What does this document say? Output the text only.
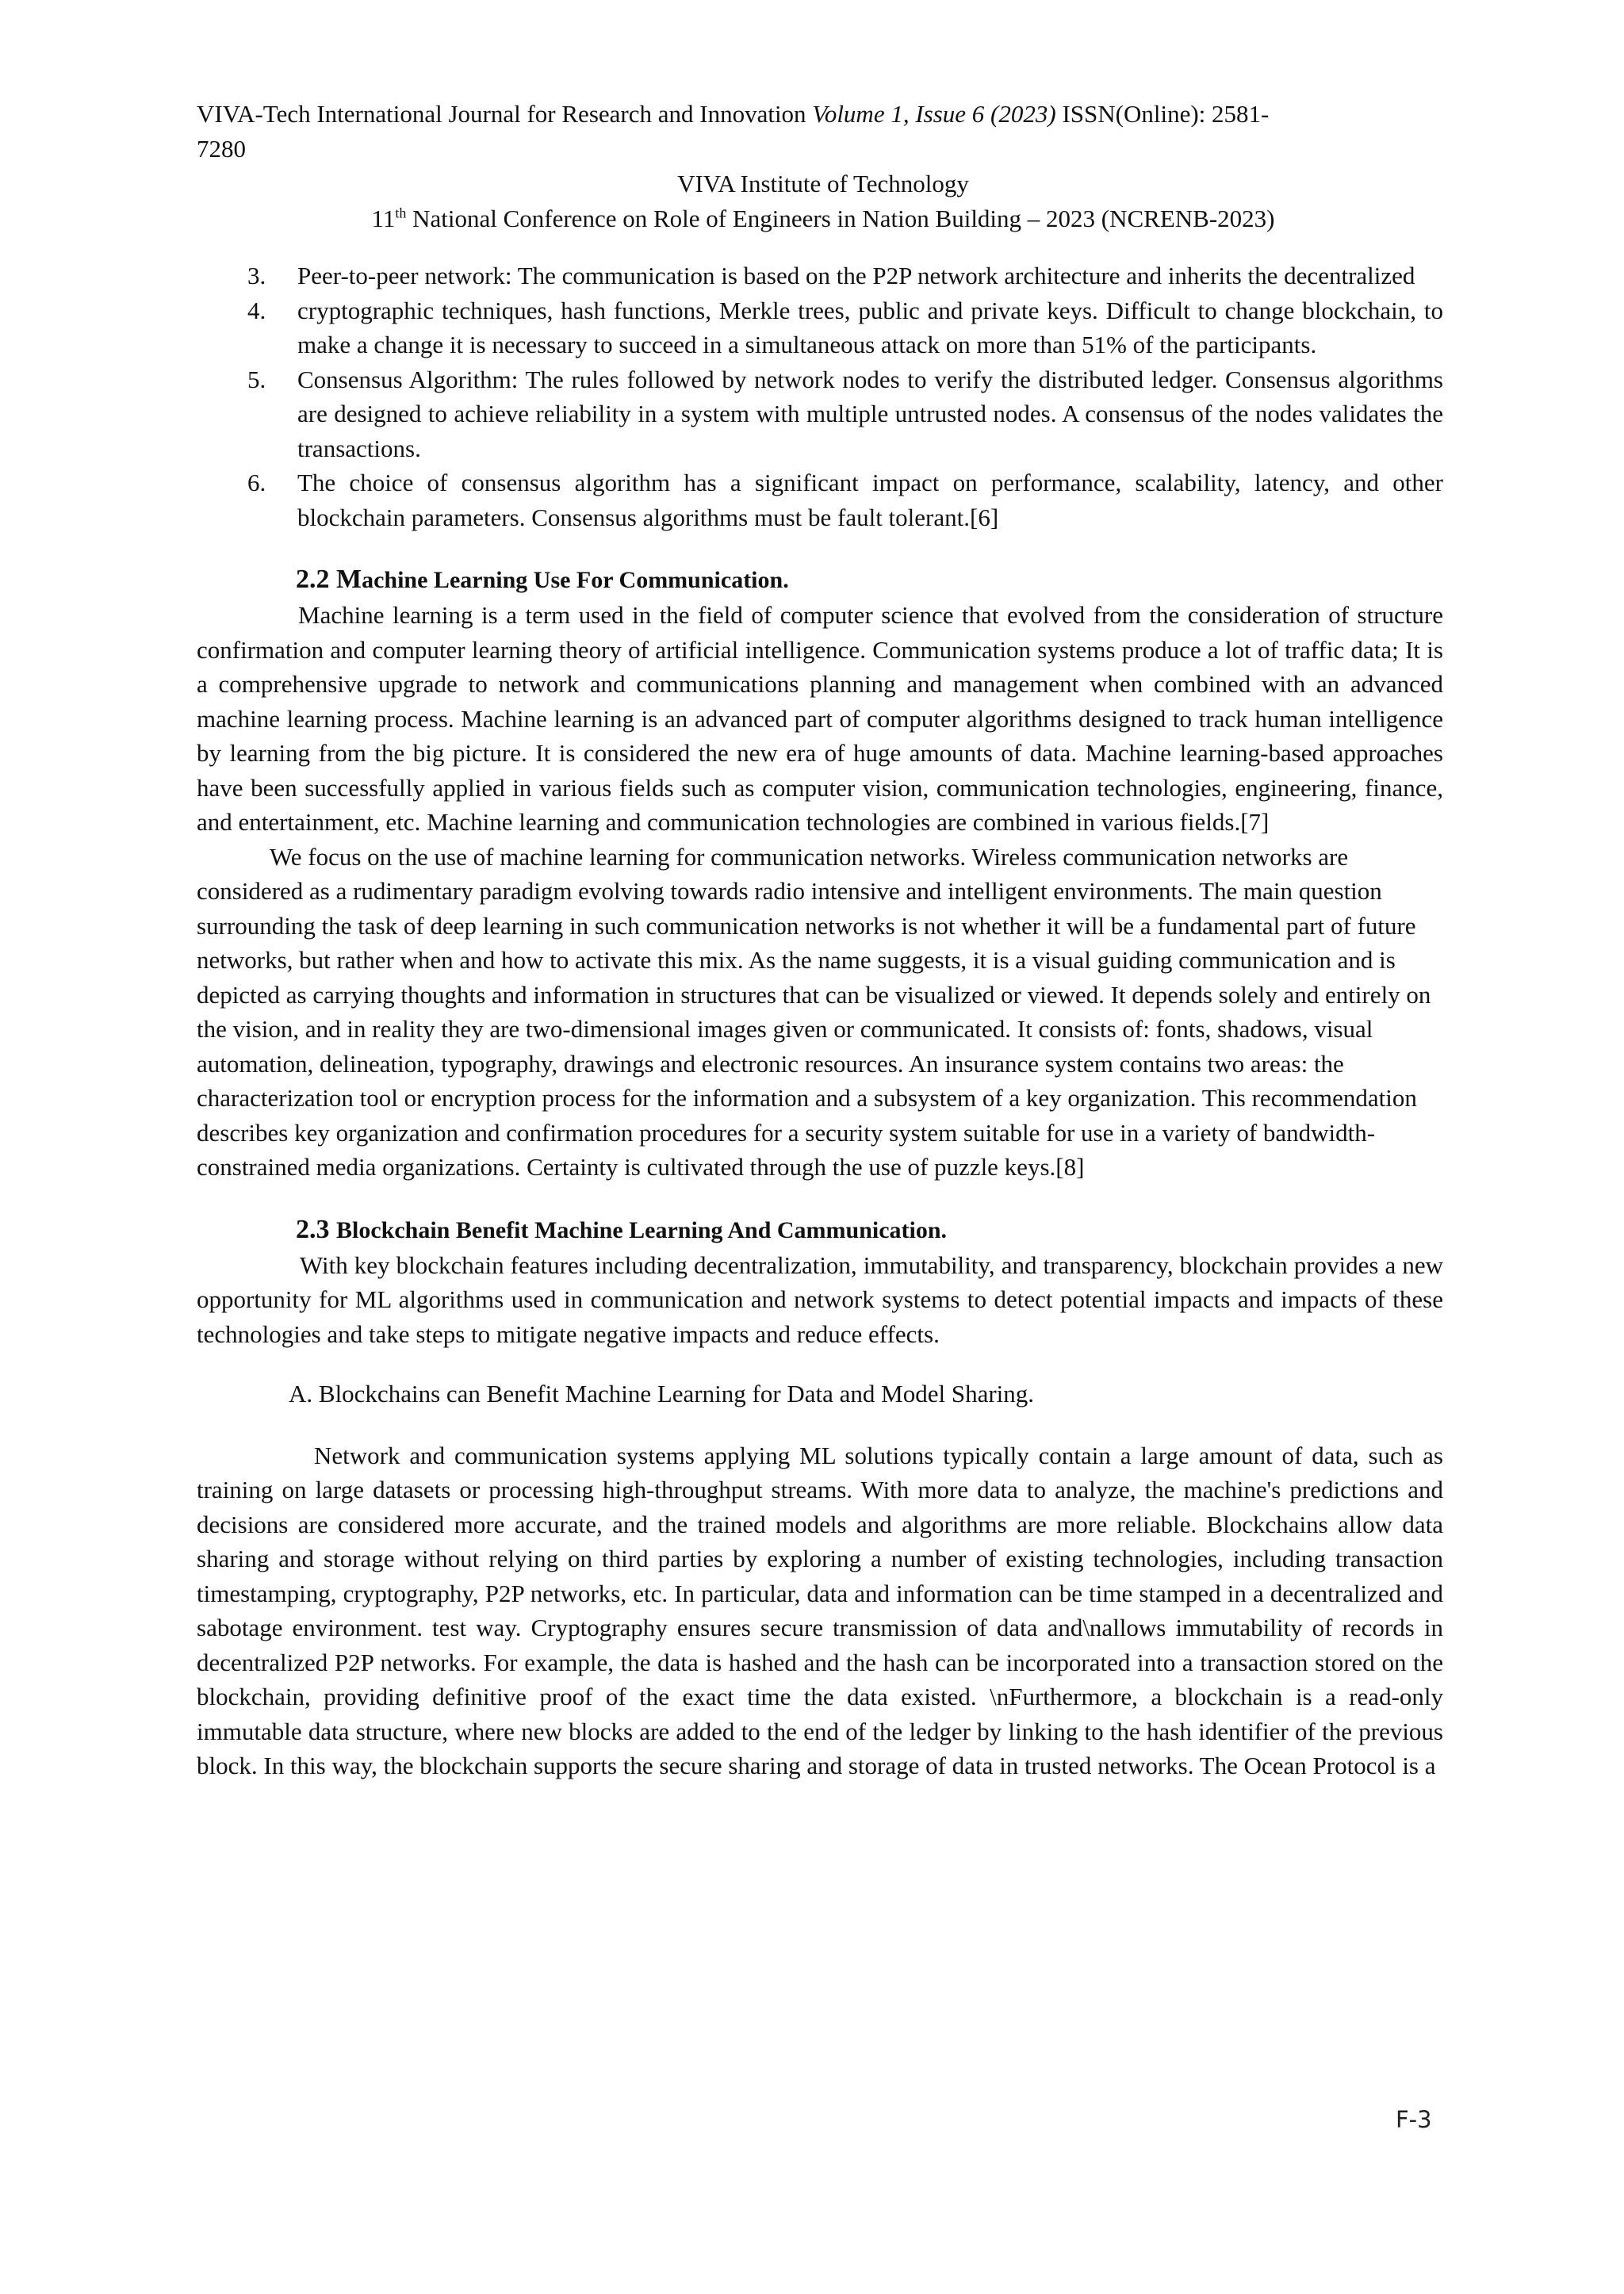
VIVA-Tech International Journal for Research and Innovation Volume 1, Issue 6 (2023) ISSN(Online): 2581-
7280
VIVA Institute of Technology
11th National Conference on Role of Engineers in Nation Building – 2023 (NCRENB-2023)
3. Peer-to-peer network: The communication is based on the P2P network architecture and inherits the decentralized
4. cryptographic techniques, hash functions, Merkle trees, public and private keys. Difficult to change blockchain, to make a change it is necessary to succeed in a simultaneous attack on more than 51% of the participants.
5. Consensus Algorithm: The rules followed by network nodes to verify the distributed ledger. Consensus algorithms are designed to achieve reliability in a system with multiple untrusted nodes. A consensus of the nodes validates the transactions.
6. The choice of consensus algorithm has a significant impact on performance, scalability, latency, and other blockchain parameters. Consensus algorithms must be fault tolerant.[6]
2.2 Machine Learning Use For Communication.

Machine learning is a term used in the field of computer science that evolved from the consideration of structure confirmation and computer learning theory of artificial intelligence. Communication systems produce a lot of traffic data; It is a comprehensive upgrade to network and communications planning and management when combined with an advanced machine learning process. Machine learning is an advanced part of computer algorithms designed to track human intelligence by learning from the big picture. It is considered the new era of huge amounts of data. Machine learning-based approaches have been successfully applied in various fields such as computer vision, communication technologies, engineering, finance, and entertainment, etc. Machine learning and communication technologies are combined in various fields.[7]

We focus on the use of machine learning for communication networks. Wireless communication networks are considered as a rudimentary paradigm evolving towards radio intensive and intelligent environments. The main question surrounding the task of deep learning in such communication networks is not whether it will be a fundamental part of future networks, but rather when and how to activate this mix. As the name suggests, it is a visual guiding communication and is depicted as carrying thoughts and information in structures that can be visualized or viewed. It depends solely and entirely on the vision, and in reality they are two-dimensional images given or communicated. It consists of: fonts, shadows, visual automation, delineation, typography, drawings and electronic resources. An insurance system contains two areas: the characterization tool or encryption process for the information and a subsystem of a key organization. This recommendation describes key organization and confirmation procedures for a security system suitable for use in a variety of bandwidth-constrained media organizations. Certainty is cultivated through the use of puzzle keys.[8]

2.3 Blockchain Benefit Machine Learning And Cammunication.

With key blockchain features including decentralization, immutability, and transparency, blockchain provides a new opportunity for ML algorithms used in communication and network systems to detect potential impacts and impacts of these technologies and take steps to mitigate negative impacts and reduce effects.

A. Blockchains can Benefit Machine Learning for Data and Model Sharing.

Network and communication systems applying ML solutions typically contain a large amount of data, such as training on large datasets or processing high-throughput streams. With more data to analyze, the machine's predictions and decisions are considered more accurate, and the trained models and algorithms are more reliable. Blockchains allow data sharing and storage without relying on third parties by exploring a number of existing technologies, including transaction timestamping, cryptography, P2P networks, etc. In particular, data and information can be time stamped in a decentralized and sabotage environment. test way. Cryptography ensures secure transmission of data and\nallows immutability of records in decentralized P2P networks. For example, the data is hashed and the hash can be incorporated into a transaction stored on the blockchain, providing definitive proof of the exact time the data existed. \nFurthermore, a blockchain is a read-only immutable data structure, where new blocks are added to the end of the ledger by linking to the hash identifier of the previous block. In this way, the blockchain supports the secure sharing and storage of data in trusted networks. The Ocean Protocol is a

F-3
